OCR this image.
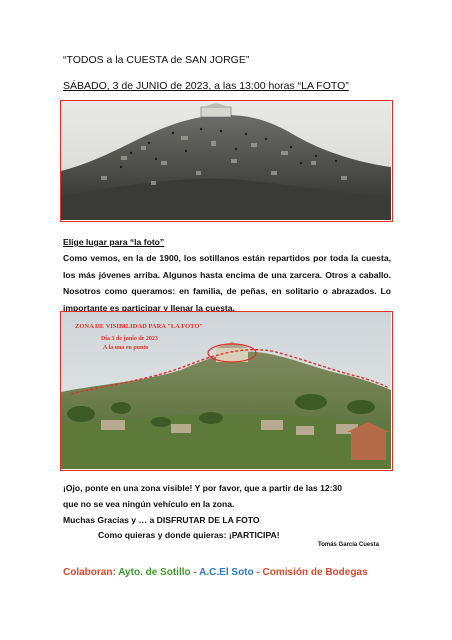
“TODOS a la CUESTA de SAN JORGE”
SÁBADO, 3 de JUNIO de 2023, a las 13:00 horas “LA FOTO”
Elige lugar para “la foto”
Como vemos, en la de 1900, los sotillanos están repartidos por toda la cuesta, los más jóvenes arriba. Algunos hasta encima de una zarcera. Otros a caballo. Nosotros como queramos: en familia, de peñas, en solitario o abrazados. Lo importante es participar y llenar la cuesta.
ZONA DE VISIBILIDAD PARA "LA FOTO"
Día 3 de junio de 2023
A la una en punto
¡Ojo, ponte en una zona visible! Y por favor, que a partir de las 12:30
que no se vea ningún vehículo en la zona.
Muchas Gracias y … a DISFRUTAR DE LA FOTO
Como quieras y donde quieras: ¡PARTICIPA!
Tomás García Cuesta
Colaboran: Ayto. de Sotillo - A.C.El Soto - Comisión de Bodegas
